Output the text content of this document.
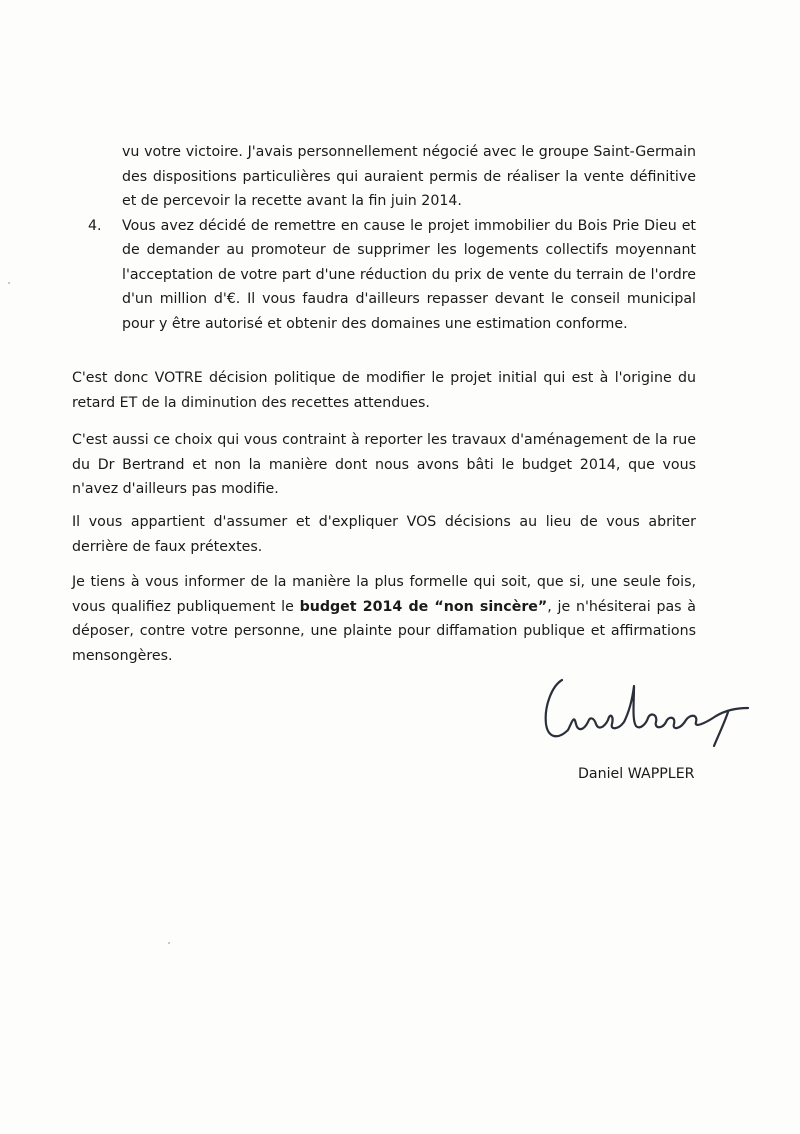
vu votre victoire. J'avais personnellement négocié avec le groupe Saint-Germain des dispositions particulières qui auraient permis de réaliser la vente définitive et de percevoir la recette avant la fin juin 2014.
4. Vous avez décidé de remettre en cause le projet immobilier du Bois Prie Dieu et de demander au promoteur de supprimer les logements collectifs moyennant l'acceptation de votre part d'une réduction du prix de vente du terrain de l'ordre d'un million d'€. Il vous faudra d'ailleurs repasser devant le conseil municipal pour y être autorisé et obtenir des domaines une estimation conforme.
C'est donc VOTRE décision politique de modifier le projet initial qui est à l'origine du retard ET de la diminution des recettes attendues.
C'est aussi ce choix qui vous contraint à reporter les travaux d'aménagement de la rue du Dr Bertrand et non la manière dont nous avons bâti le budget 2014, que vous n'avez d'ailleurs pas modifie.
Il vous appartient d'assumer et d'expliquer VOS décisions au lieu de vous abriter derrière de faux prétextes.
Je tiens à vous informer de la manière la plus formelle qui soit, que si, une seule fois, vous qualifiez publiquement le budget 2014 de “non sincère”, je n'hésiterai pas à déposer, contre votre personne, une plainte pour diffamation publique et affirmations mensongères.
Daniel WAPPLER
